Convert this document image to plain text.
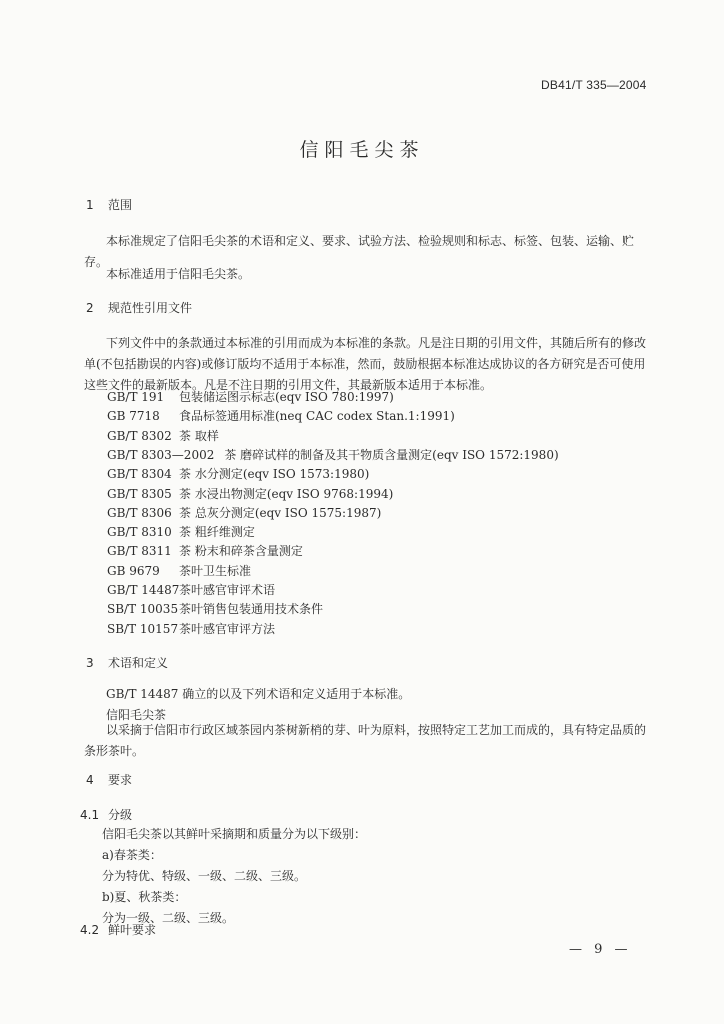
DB41/T 335—2004
信阳毛尖茶
1 范围
本标准规定了信阳毛尖茶的术语和定义、要求、试验方法、检验规则和标志、标签、包装、运输、贮存。
本标准适用于信阳毛尖茶。
2 规范性引用文件
下列文件中的条款通过本标准的引用而成为本标准的条款。凡是注日期的引用文件，其随后所有的修改单(不包括勘误的内容)或修订版均不适用于本标准，然而，鼓励根据本标准达成协议的各方研究是否可使用这些文件的最新版本。凡是不注日期的引用文件，其最新版本适用于本标准。
GB/T 191 包装储运图示标志(eqv ISO 780:1997)
GB 7718 食品标签通用标准(neq CAC codex Stan.1:1991)
GB/T 8302 茶 取样
GB/T 8303—2002 茶 磨碎试样的制备及其干物质含量测定(eqv ISO 1572:1980)
GB/T 8304 茶 水分测定(eqv ISO 1573:1980)
GB/T 8305 茶 水浸出物测定(eqv ISO 9768:1994)
GB/T 8306 茶 总灰分测定(eqv ISO 1575:1987)
GB/T 8310 茶 粗纤维测定
GB/T 8311 茶 粉末和碎茶含量测定
GB 9679 茶叶卫生标准
GB/T 14487茶叶感官审评术语
SB/T 10035茶叶销售包装通用技术条件
SB/T 10157茶叶感官审评方法
3 术语和定义
GB/T 14487 确立的以及下列术语和定义适用于本标准。
信阳毛尖茶
以采摘于信阳市行政区域茶园内茶树新梢的芽、叶为原料，按照特定工艺加工而成的，具有特定品质的条形茶叶。
4 要求
4.1 分级
信阳毛尖茶以其鲜叶采摘期和质量分为以下级别：
a)春茶类：
分为特优、特级、一级、二级、三级。
b)夏、秋茶类：
分为一级、二级、三级。
4.2 鲜叶要求
— 9 —
